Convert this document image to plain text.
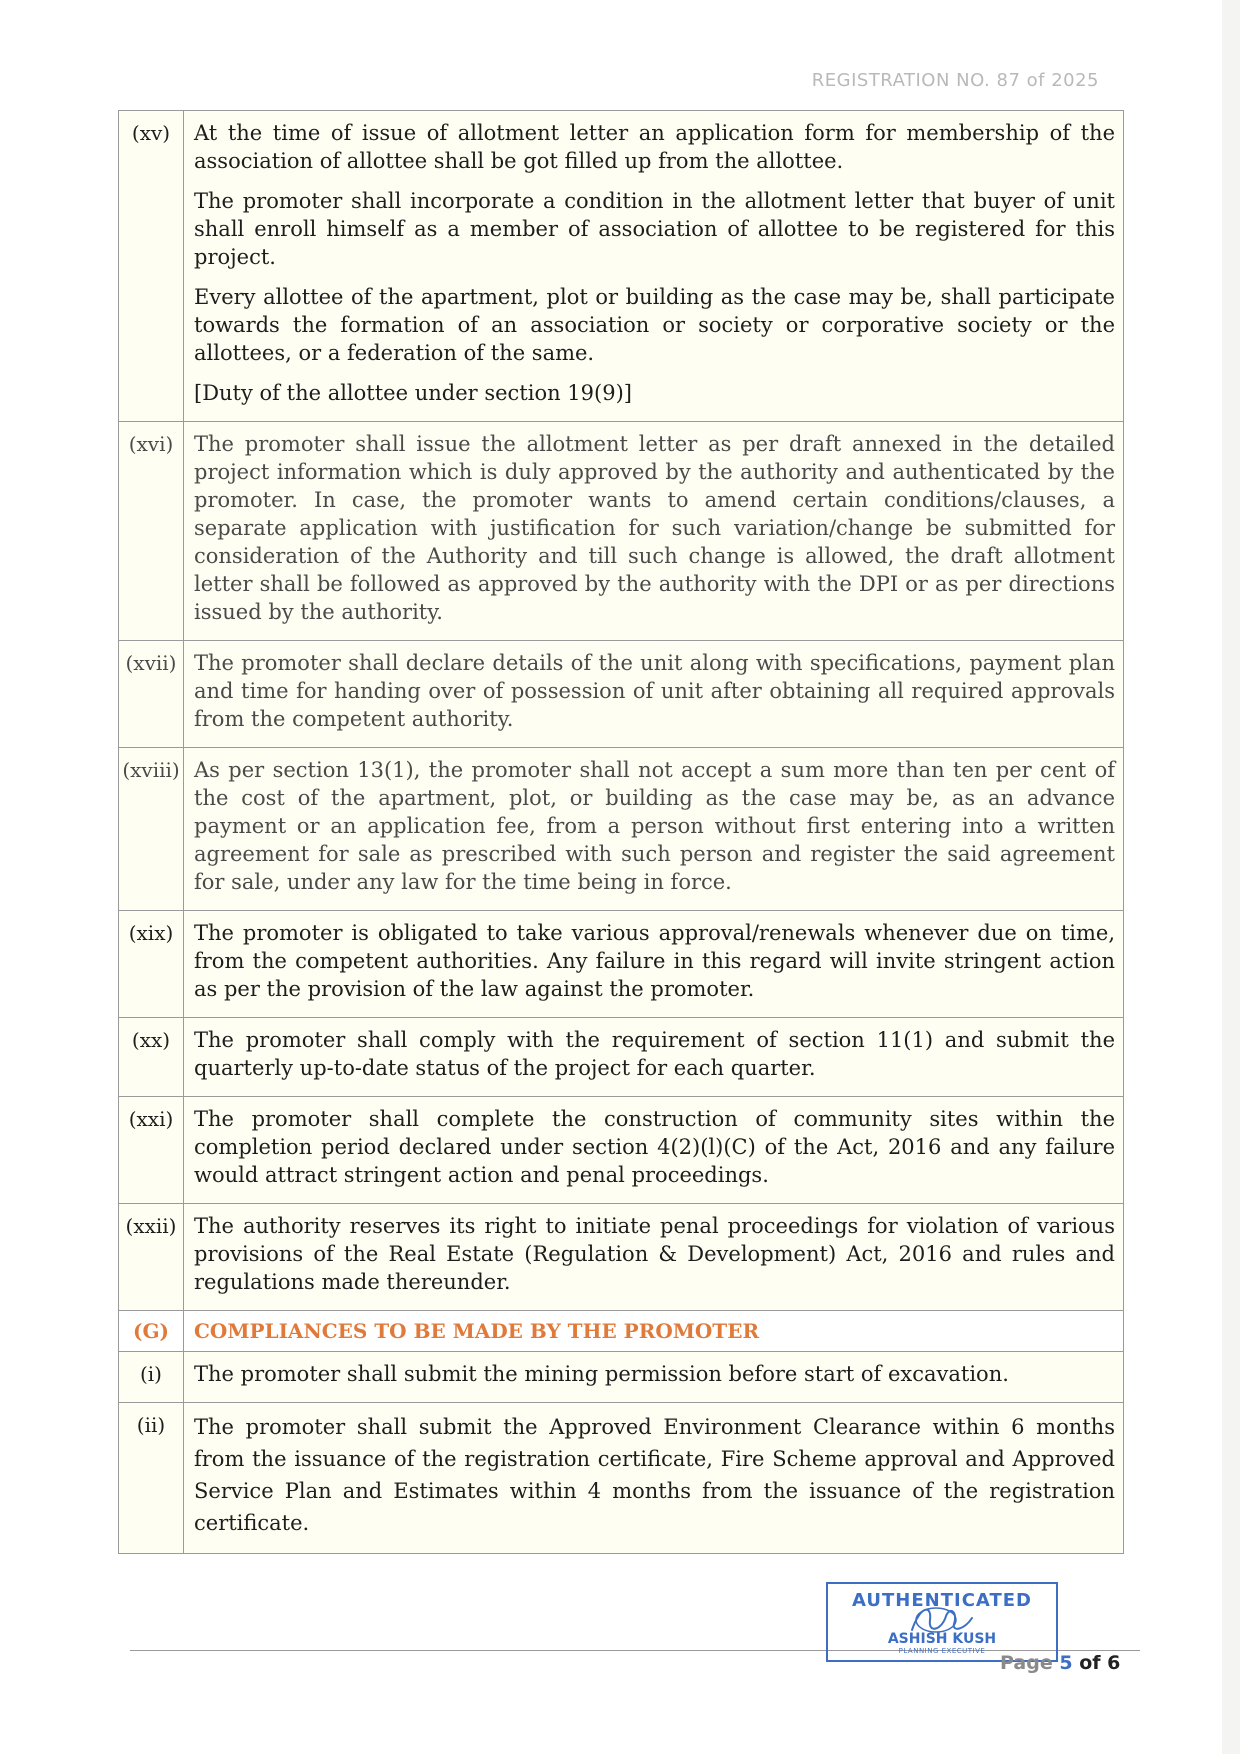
REGISTRATION NO. 87 of 2025
(xv)	At the time of issue of allotment letter an application form for membership of the association of allottee shall be got filled up from the allottee.

The promoter shall incorporate a condition in the allotment letter that buyer of unit shall enroll himself as a member of association of allottee to be registered for this project.

Every allottee of the apartment, plot or building as the case may be, shall participate towards the formation of an association or society or corporative society or the allottees, or a federation of the same.

[Duty of the allottee under section 19(9)]

(xvi)	The promoter shall issue the allotment letter as per draft annexed in the detailed project information which is duly approved by the authority and authenticated by the promoter. In case, the promoter wants to amend certain conditions/clauses, a separate application with justification for such variation/change be submitted for consideration of the Authority and till such change is allowed, the draft allotment letter shall be followed as approved by the authority with the DPI or as per directions issued by the authority.

(xvii)	The promoter shall declare details of the unit along with specifications, payment plan and time for handing over of possession of unit after obtaining all required approvals from the competent authority.

(xviii)	As per section 13(1), the promoter shall not accept a sum more than ten per cent of the cost of the apartment, plot, or building as the case may be, as an advance payment or an application fee, from a person without first entering into a written agreement for sale as prescribed with such person and register the said agreement for sale, under any law for the time being in force.

(xix)	The promoter is obligated to take various approval/renewals whenever due on time, from the competent authorities. Any failure in this regard will invite stringent action as per the provision of the law against the promoter.

(xx)	The promoter shall comply with the requirement of section 11(1) and submit the quarterly up-to-date status of the project for each quarter.

(xxi)	The promoter shall complete the construction of community sites within the completion period declared under section 4(2)(l)(C) of the Act, 2016 and any failure would attract stringent action and penal proceedings.

(xxii)	The authority reserves its right to initiate penal proceedings for violation of various provisions of the Real Estate (Regulation & Development) Act, 2016 and rules and regulations made thereunder.

(G)	COMPLIANCES TO BE MADE BY THE PROMOTER
(i)	The promoter shall submit the mining permission before start of excavation.

(ii)	The promoter shall submit the Approved Environment Clearance within 6 months from the issuance of the registration certificate, Fire Scheme approval and Approved Service Plan and Estimates within 4 months from the issuance of the registration certificate.

AUTHENTICATED
ASHISH KUSH
PLANNING EXECUTIVE
Page 5 of 6
